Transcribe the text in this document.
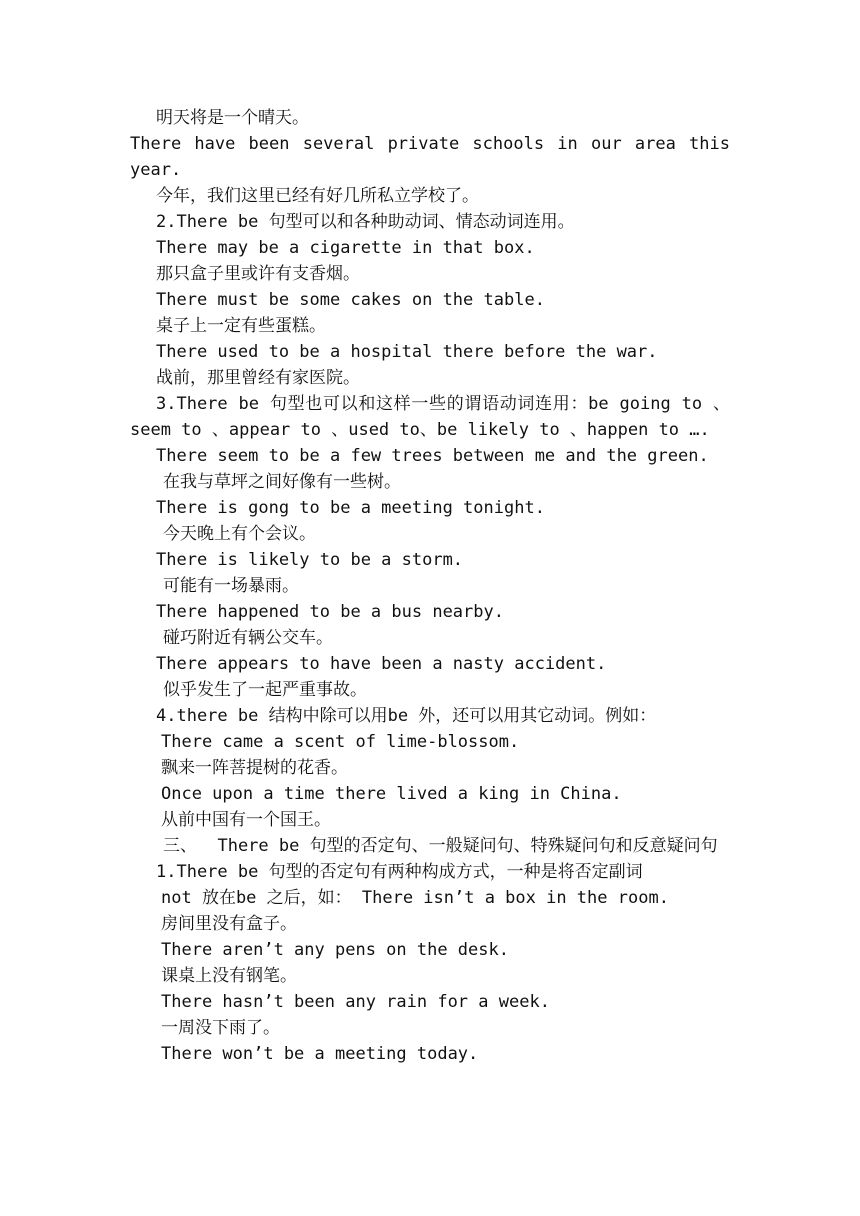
明天将是一个晴天。

There have been several private schools in our area this year.

今年，我们这里已经有好几所私立学校了。

2.There be 句型可以和各种助动词、情态动词连用。

There may be a cigarette in that box.

那只盒子里或许有支香烟。

There must be some cakes on the table.

桌子上一定有些蛋糕。

There used to be a hospital there before the war.

战前，那里曾经有家医院。

3.There be 句型也可以和这样一些的谓语动词连用：be going to 、seem to 、appear to 、used to、be likely to 、happen to ….

There seem to be a few trees between me and the green.

在我与草坪之间好像有一些树。

There is gong to be a meeting tonight.

今天晚上有个会议。

There is likely to be a storm.

可能有一场暴雨。

There happened to be a bus nearby.

碰巧附近有辆公交车。

There appears to have been a nasty accident.

似乎发生了一起严重事故。

4.there be 结构中除可以用be 外，还可以用其它动词。例如：

There came a scent of lime-blossom.

飘来一阵菩提树的花香。

Once upon a time there lived a king in China.

从前中国有一个国王。

三、  There be 句型的否定句、一般疑问句、特殊疑问句和反意疑问句

1.There be 句型的否定句有两种构成方式，一种是将否定副词

not 放在be 之后，如： There isn’t a box in the room.

房间里没有盒子。

There aren’t any pens on the desk.

课桌上没有钢笔。

There hasn’t been any rain for a week.

一周没下雨了。

There won’t be a meeting today.
